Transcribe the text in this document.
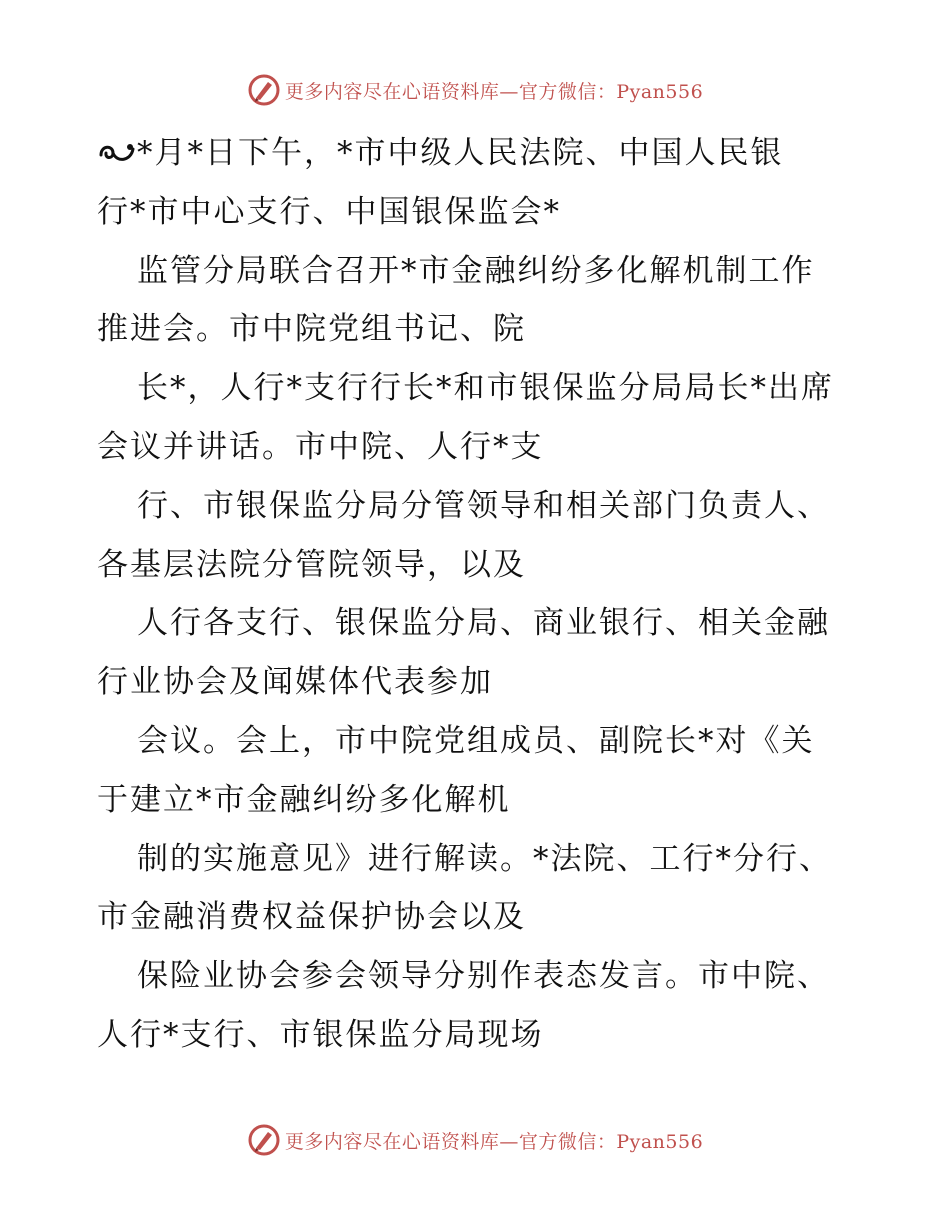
更多内容尽在心语资料库—官方微信：Pyan556
*月*日下午，*市中级人民法院、中国人民银
行*市中心支行、中国银保监会*
监管分局联合召开*市金融纠纷多化解机制工作
推进会。市中院党组书记、院
长*，人行*支行行长*和市银保监分局局长*出席
会议并讲话。市中院、人行*支
行、市银保监分局分管领导和相关部门负责人、
各基层法院分管院领导，以及
人行各支行、银保监分局、商业银行、相关金融
行业协会及闻媒体代表参加
会议。会上，市中院党组成员、副院长*对《关
于建立*市金融纠纷多化解机
制的实施意见》进行解读。*法院、工行*分行、
市金融消费权益保护协会以及
保险业协会参会领导分别作表态发言。市中院、
人行*支行、市银保监分局现场
更多内容尽在心语资料库—官方微信：Pyan556
